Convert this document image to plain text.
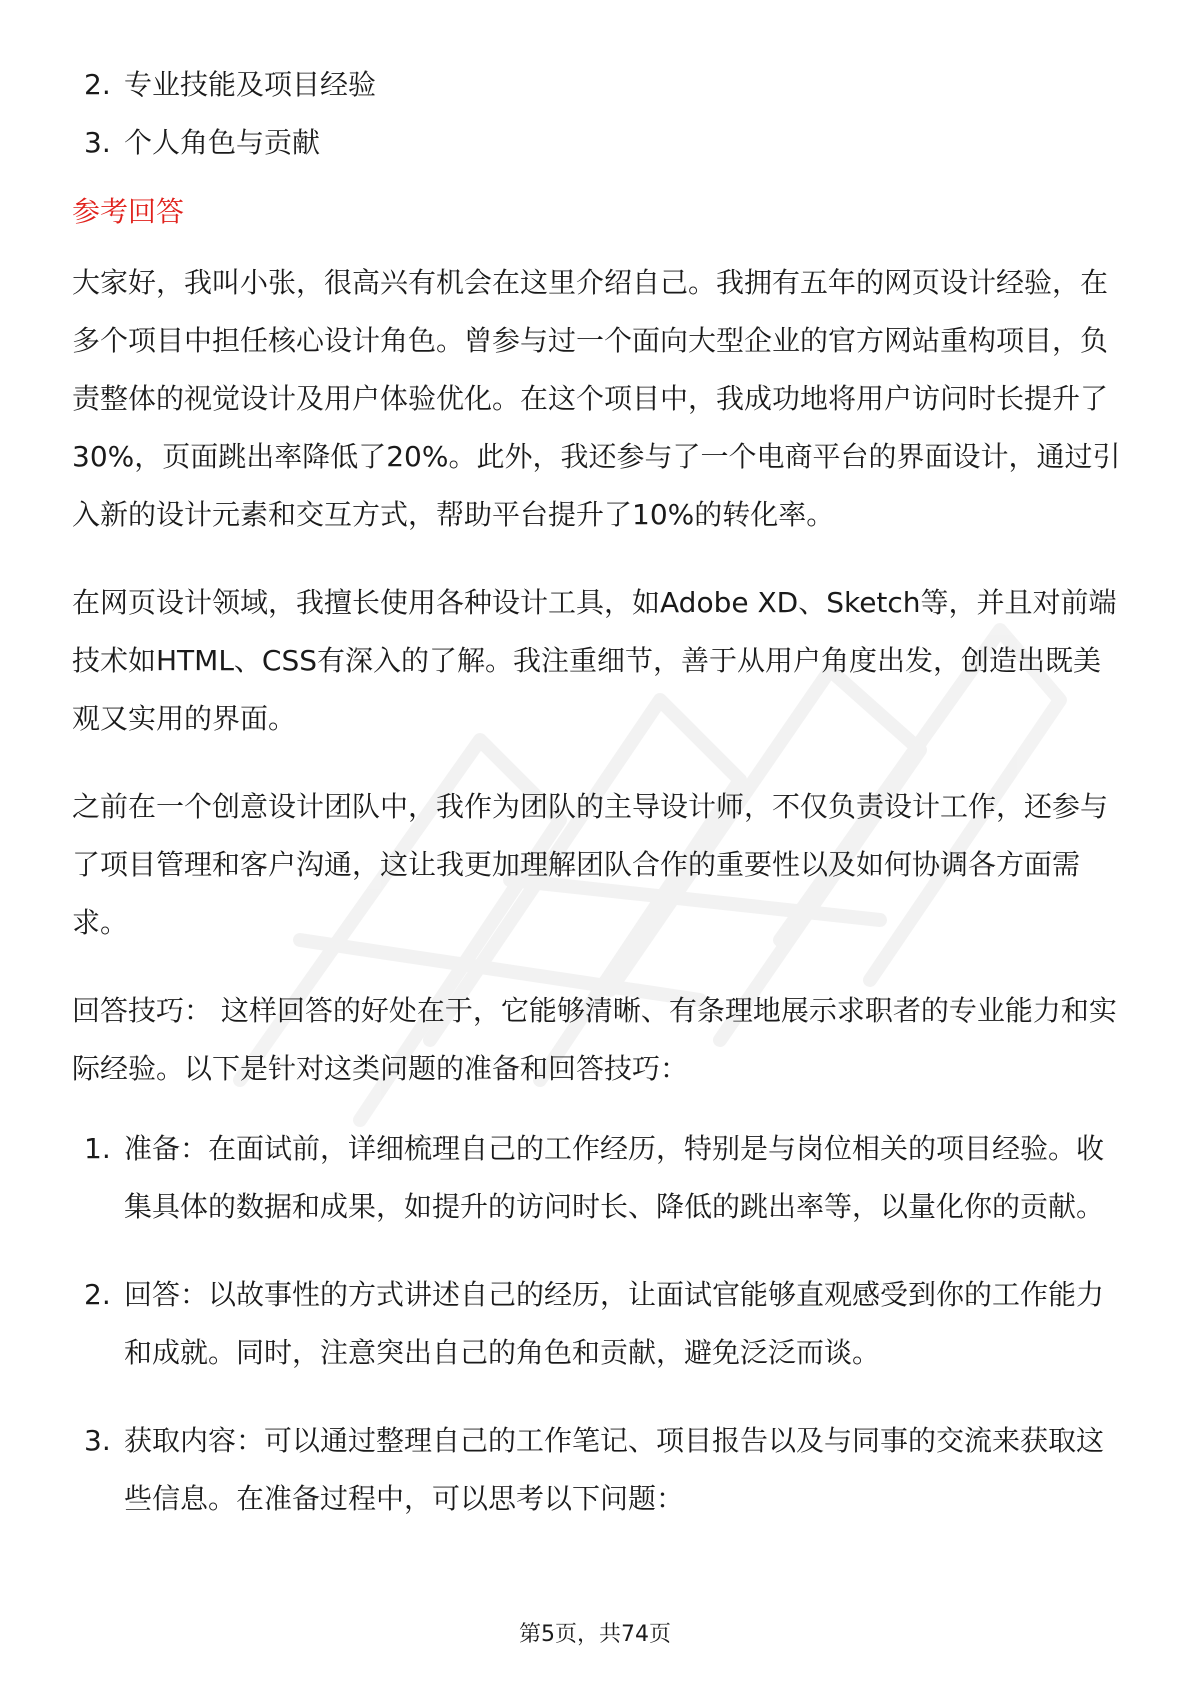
2. 专业技能及项目经验
3. 个人角色与贡献
参考回答

大家好，我叫小张，很高兴有机会在这里介绍自己。我拥有五年的网页设计经验，在多个项目中担任核心设计角色。曾参与过一个面向大型企业的官方网站重构项目，负责整体的视觉设计及用户体验优化。在这个项目中，我成功地将用户访问时长提升了30%，页面跳出率降低了20%。此外，我还参与了一个电商平台的界面设计，通过引入新的设计元素和交互方式，帮助平台提升了10%的转化率。

在网页设计领域，我擅长使用各种设计工具，如Adobe XD、Sketch等，并且对前端技术如HTML、CSS有深入的了解。我注重细节，善于从用户角度出发，创造出既美观又实用的界面。

之前在一个创意设计团队中，我作为团队的主导设计师，不仅负责设计工作，还参与了项目管理和客户沟通，这让我更加理解团队合作的重要性以及如何协调各方面需求。

回答技巧： 这样回答的好处在于，它能够清晰、有条理地展示求职者的专业能力和实际经验。以下是针对这类问题的准备和回答技巧：

1. 准备：在面试前，详细梳理自己的工作经历，特别是与岗位相关的项目经验。收集具体的数据和成果，如提升的访问时长、降低的跳出率等，以量化你的贡献。
2. 回答：以故事性的方式讲述自己的经历，让面试官能够直观感受到你的工作能力和成就。同时，注意突出自己的角色和贡献，避免泛泛而谈。
3. 获取内容：可以通过整理自己的工作笔记、项目报告以及与同事的交流来获取这些信息。在准备过程中，可以思考以下问题：
第5页，共74页
